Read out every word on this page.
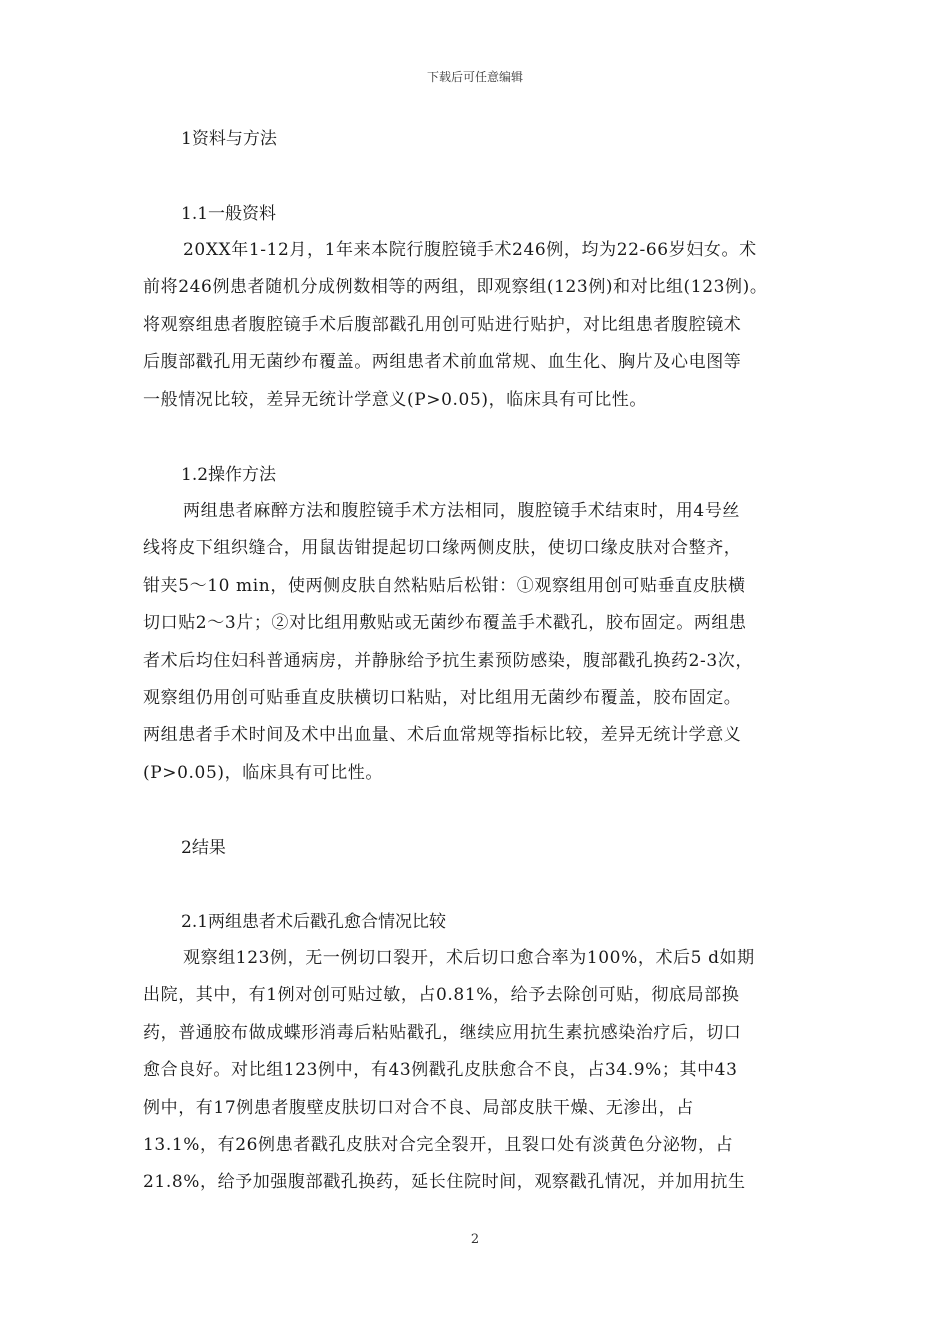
下载后可任意编辑
1资料与方法
1.1一般资料
20XX年1-12月，1年来本院行腹腔镜手术246例，均为22-66岁妇女。术
前将246例患者随机分成例数相等的两组，即观察组(123例)和对比组(123例)。
将观察组患者腹腔镜手术后腹部戳孔用创可贴进行贴护，对比组患者腹腔镜术
后腹部戳孔用无菌纱布覆盖。两组患者术前血常规、血生化、胸片及心电图等
一般情况比较，差异无统计学意义(P>0.05)，临床具有可比性。
1.2操作方法
两组患者麻醉方法和腹腔镜手术方法相同，腹腔镜手术结束时，用4号丝
线将皮下组织缝合，用鼠齿钳提起切口缘两侧皮肤，使切口缘皮肤对合整齐，
钳夹5～10 min，使两侧皮肤自然粘贴后松钳：①观察组用创可贴垂直皮肤横
切口贴2～3片；②对比组用敷贴或无菌纱布覆盖手术戳孔，胶布固定。两组患
者术后均住妇科普通病房，并静脉给予抗生素预防感染，腹部戳孔换药2-3次，
观察组仍用创可贴垂直皮肤横切口粘贴，对比组用无菌纱布覆盖，胶布固定。
两组患者手术时间及术中出血量、术后血常规等指标比较，差异无统计学意义
(P>0.05)，临床具有可比性。
2结果
2.1两组患者术后戳孔愈合情况比较
观察组123例，无一例切口裂开，术后切口愈合率为100%，术后5 d如期
出院，其中，有1例对创可贴过敏，占0.81%，给予去除创可贴，彻底局部换
药，普通胶布做成蝶形消毒后粘贴戳孔，继续应用抗生素抗感染治疗后，切口
愈合良好。对比组123例中，有43例戳孔皮肤愈合不良，占34.9%；其中43
例中，有17例患者腹壁皮肤切口对合不良、局部皮肤干燥、无渗出，占
13.1%，有26例患者戳孔皮肤对合完全裂开，且裂口处有淡黄色分泌物，占
21.8%，给予加强腹部戳孔换药，延长住院时间，观察戳孔情况，并加用抗生
2
